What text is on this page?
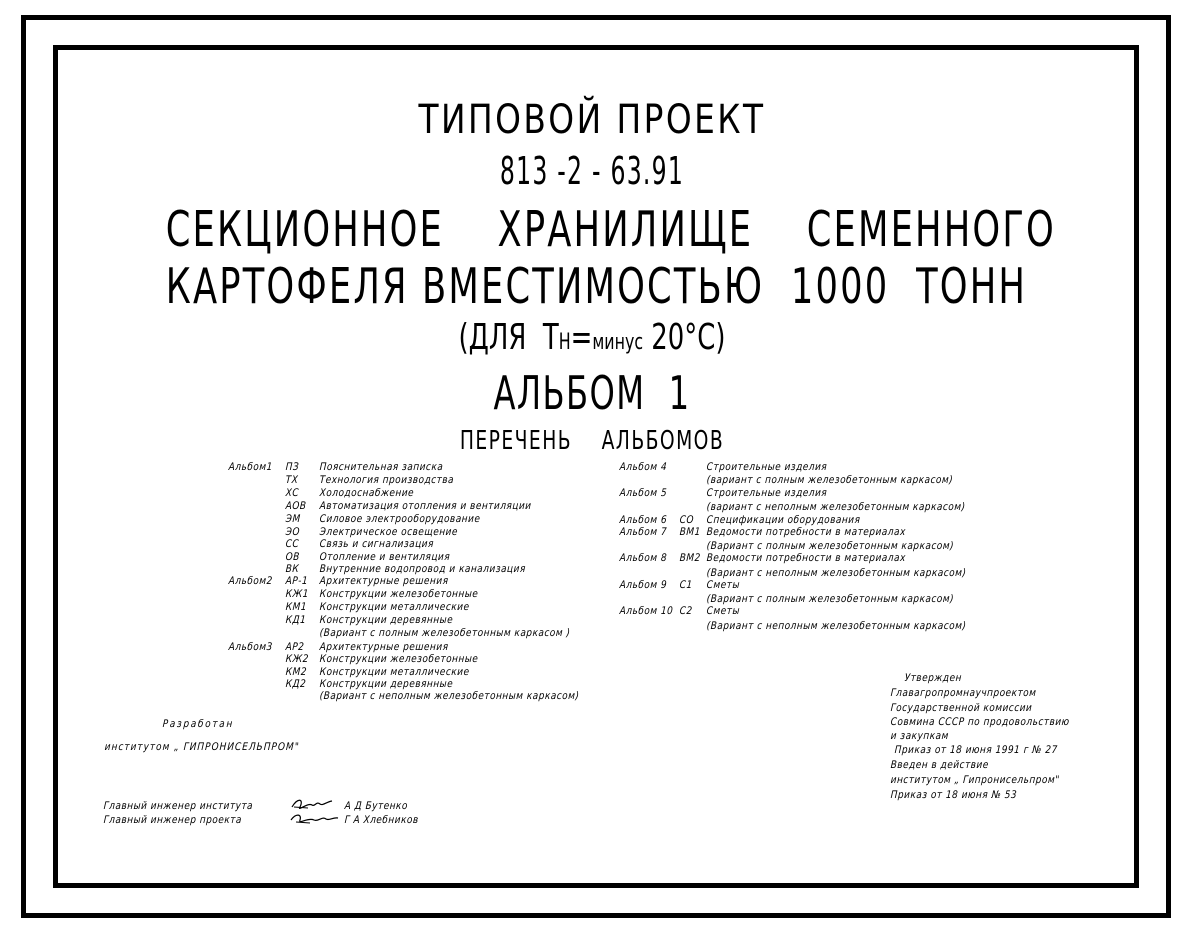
ТИПОВОЙ ПРОЕКТ
813 -2 - 63.91
СЕКЦИОННОЕ    ХРАНИЛИЩЕ    СЕМЕННОГО
КАРТОФЕЛЯ ВМЕСТИМОСТЬЮ  1000  ТОНН
(ДЛЯ  ТН=минус 20°С)
АЛЬБОМ  1
ПЕРЕЧЕНЬ    АЛЬБОМОВ
Альбом1 ПЗ Пояснительная записка
ТХ Технология производства
ХС Холодоснабжение
АОВ Автоматизация отопления и вентиляции
ЭМ Силовое электрооборудование
ЭО Электрическое освещение
СС Связь и сигнализация
ОВ Отопление и вентиляция
ВК Внутренние водопровод и канализация
Альбом2 АР-1 Архитектурные решения
КЖ1 Конструкции железобетонные
КМ1 Конструкции металлические
КД1 Конструкции деревянные
(Вариант с полным железобетонным каркасом )
Альбом3 АР2 Архитектурные решения
КЖ2 Конструкции железобетонные
КМ2 Конструкции металлические
КД2 Конструкции деревянные
(Вариант с неполным железобетонным каркасом)
Альбом 4	Строительные изделия
(вариант с полным железобетонным каркасом)
Альбом 5	Строительные изделия
(вариант с неполным железобетонным каркасом)
Альбом 6 СО Спецификации оборудования
Альбом 7 ВМ1 Ведомости потребности в материалах
(Вариант с полным железобетонным каркасом)
Альбом 8 ВМ2 Ведомости потребности в материалах
(Вариант с неполным железобетонным каркасом)
Альбом 9 С1 Сметы
(Вариант с полным железобетонным каркасом)
Альбом 10 С2 Сметы
(Вариант с неполным железобетонным каркасом)
Разработан
институтом „ ГИПРОНИСЕЛЬПРОМ"
Утвержден
Главагропромнаучпроектом
Государственной комиссии
Совмина СССР по продовольствию
и закупкам
Приказ от 18 июня 1991 г № 27
Введен в действие
институтом „ Гипронисельпром"
Приказ от 18 июня № 53
Главный инженер института	А Д Бутенко
Главный инженер проекта	Г А Хлебников
